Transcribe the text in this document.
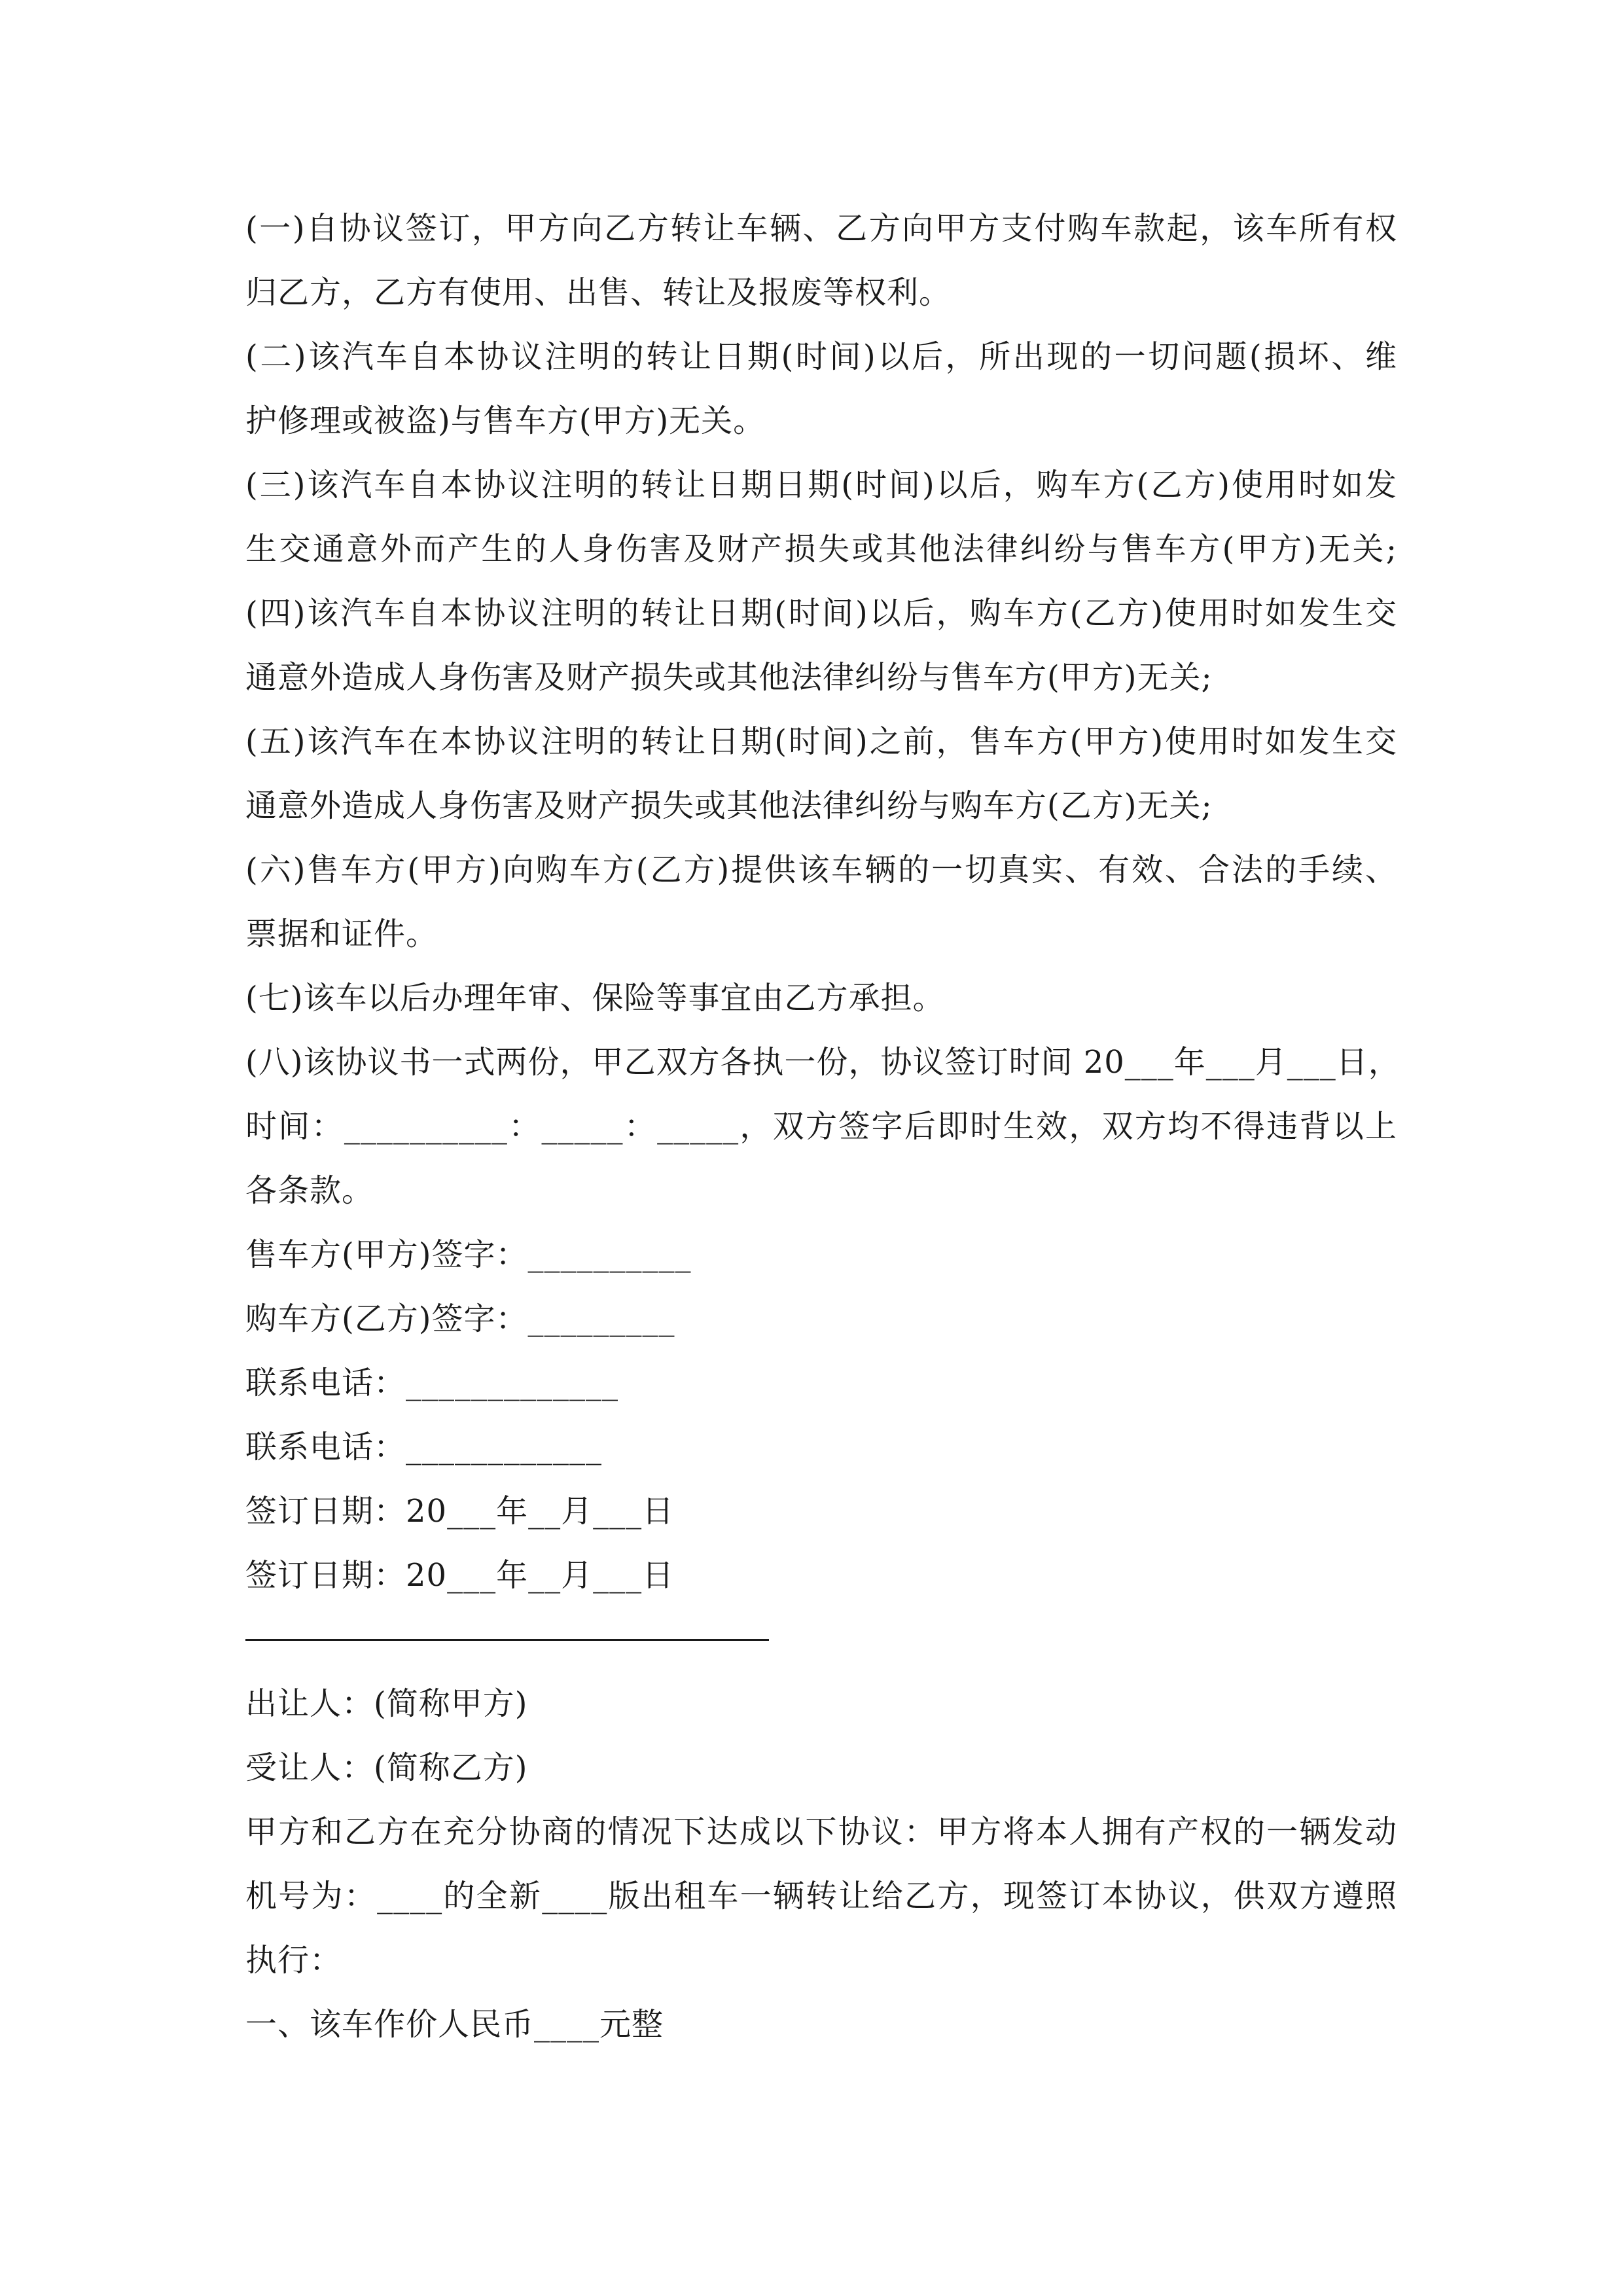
(一)自协议签订，甲方向乙方转让车辆、乙方向甲方支付购车款起，该车所有权
归乙方，乙方有使用、出售、转让及报废等权利。
(二)该汽车自本协议注明的转让日期(时间)以后，所出现的一切问题(损坏、维
护修理或被盗)与售车方(甲方)无关。
(三)该汽车自本协议注明的转让日期日期(时间)以后，购车方(乙方)使用时如发
生交通意外而产生的人身伤害及财产损失或其他法律纠纷与售车方(甲方)无关;
(四)该汽车自本协议注明的转让日期(时间)以后，购车方(乙方)使用时如发生交
通意外造成人身伤害及财产损失或其他法律纠纷与售车方(甲方)无关;
(五)该汽车在本协议注明的转让日期(时间)之前，售车方(甲方)使用时如发生交
通意外造成人身伤害及财产损失或其他法律纠纷与购车方(乙方)无关;
(六)售车方(甲方)向购车方(乙方)提供该车辆的一切真实、有效、合法的手续、
票据和证件。
(七)该车以后办理年审、保险等事宜由乙方承担。
(八)该协议书一式两份，甲乙双方各执一份，协议签订时间 20___年___月___日，
时间：__________：_____：_____，双方签字后即时生效，双方均不得违背以上
各条款。
售车方(甲方)签字：__________
购车方(乙方)签字：_________
联系电话：_____________
联系电话：____________
签订日期：20___年__月___日
签订日期：20___年__月___日
出让人：(简称甲方)
受让人：(简称乙方)
甲方和乙方在充分协商的情况下达成以下协议：甲方将本人拥有产权的一辆发动
机号为：____的全新____版出租车一辆转让给乙方，现签订本协议，供双方遵照
执行：
一、该车作价人民币____元整
